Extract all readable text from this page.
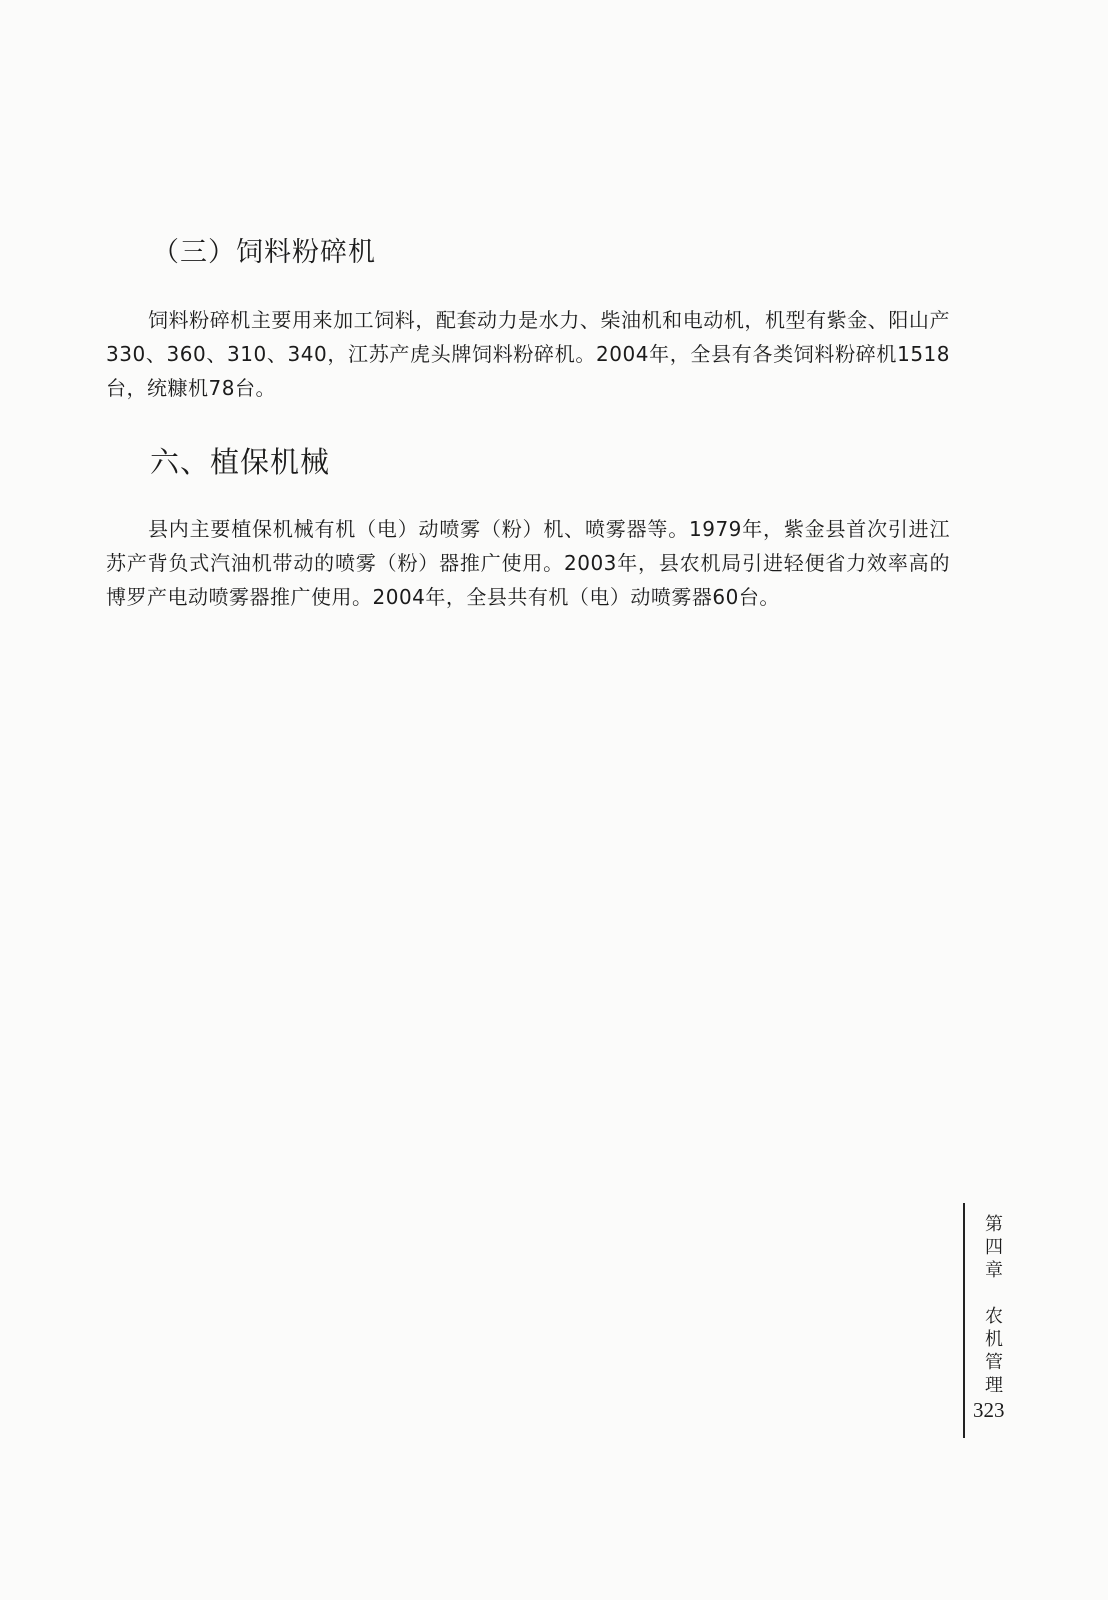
（三）饲料粉碎机

饲料粉碎机主要用来加工饲料，配套动力是水力、柴油机和电动机，机型有紫金、阳山产330、360、310、340，江苏产虎头牌饲料粉碎机。2004年，全县有各类饲料粉碎机1518台，统糠机78台。

六、植保机械

县内主要植保机械有机（电）动喷雾（粉）机、喷雾器等。1979年，紫金县首次引进江苏产背负式汽油机带动的喷雾（粉）器推广使用。2003年，县农机局引进轻便省力效率高的博罗产电动喷雾器推广使用。2004年，全县共有机（电）动喷雾器60台。

第
四
章

农
机
管
理
323
